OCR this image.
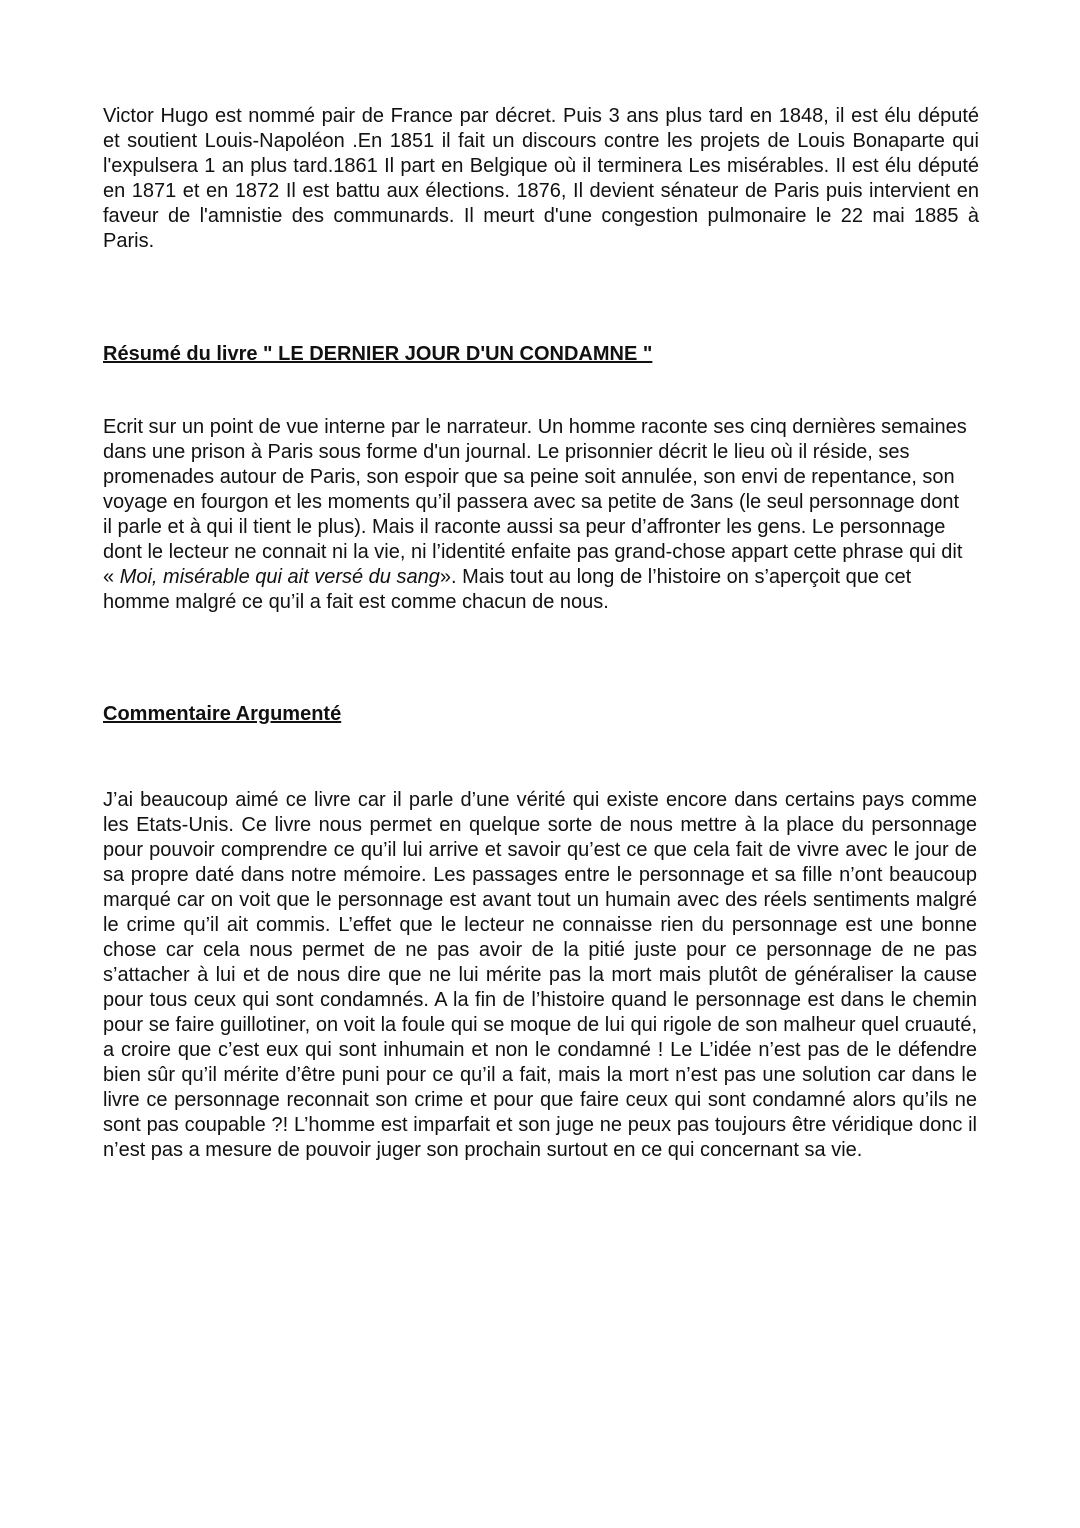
Victor Hugo est nommé pair de France par décret. Puis 3 ans plus tard en 1848, il est élu député et soutient Louis-Napoléon .En 1851 il fait un discours contre les projets de Louis Bonaparte qui l'expulsera 1 an plus tard.1861 Il part en Belgique où il terminera Les misérables. Il est élu député en 1871 et en 1872 Il est battu aux élections. 1876, Il devient sénateur de Paris puis intervient en faveur de l'amnistie des communards. Il meurt d'une congestion pulmonaire le 22 mai 1885 à Paris.

Résumé du livre " LE DERNIER JOUR D'UN CONDAMNE "

Ecrit sur un point de vue interne par le narrateur. Un homme raconte ses cinq dernières semaines dans une prison à Paris sous forme d'un journal. Le prisonnier décrit le lieu où il réside, ses promenades autour de Paris, son espoir que sa peine soit annulée, son envi de repentance, son voyage en fourgon et les moments qu’il passera avec sa petite de 3ans (le seul personnage dont il parle et à qui il tient le plus). Mais il raconte aussi sa peur d’affronter les gens. Le personnage dont le lecteur ne connait ni la vie, ni l’identité enfaite pas grand-chose appart cette phrase qui dit « Moi, misérable qui ait versé du sang». Mais tout au long de l’histoire on s’aperçoit que cet homme malgré ce qu’il a fait est comme chacun de nous.

Commentaire Argumenté

J’ai beaucoup aimé ce livre car il parle d’une vérité qui existe encore dans certains pays comme les Etats-Unis. Ce livre nous permet en quelque sorte de nous mettre à la place du personnage pour pouvoir comprendre ce qu’il lui arrive et savoir qu’est ce que cela fait de vivre avec le jour de sa propre daté dans notre mémoire. Les passages entre le personnage et sa fille n’ont beaucoup marqué car on voit que le personnage est avant tout un humain avec des réels sentiments malgré le crime qu’il ait commis. L’effet que le lecteur ne connaisse rien du personnage est une bonne chose car cela nous permet de ne pas avoir de la pitié juste pour ce personnage de ne pas s’attacher à lui et de nous dire que ne lui mérite pas la mort mais plutôt de généraliser la cause pour tous ceux qui sont condamnés. A la fin de l’histoire quand le personnage est dans le chemin pour se faire guillotiner, on voit la foule qui se moque de lui qui rigole de son malheur quel cruauté, a croire que c’est eux qui sont inhumain et non le condamné ! Le L’idée n’est pas de le défendre bien sûr qu’il mérite d’être puni pour ce qu’il a fait, mais la mort n’est pas une solution car dans le livre ce personnage reconnait son crime et pour que faire ceux qui sont condamné alors qu’ils ne sont pas coupable ?! L’homme est imparfait et son juge ne peux pas toujours être véridique donc il n’est pas a mesure de pouvoir juger son prochain surtout en ce qui concernant sa vie.
